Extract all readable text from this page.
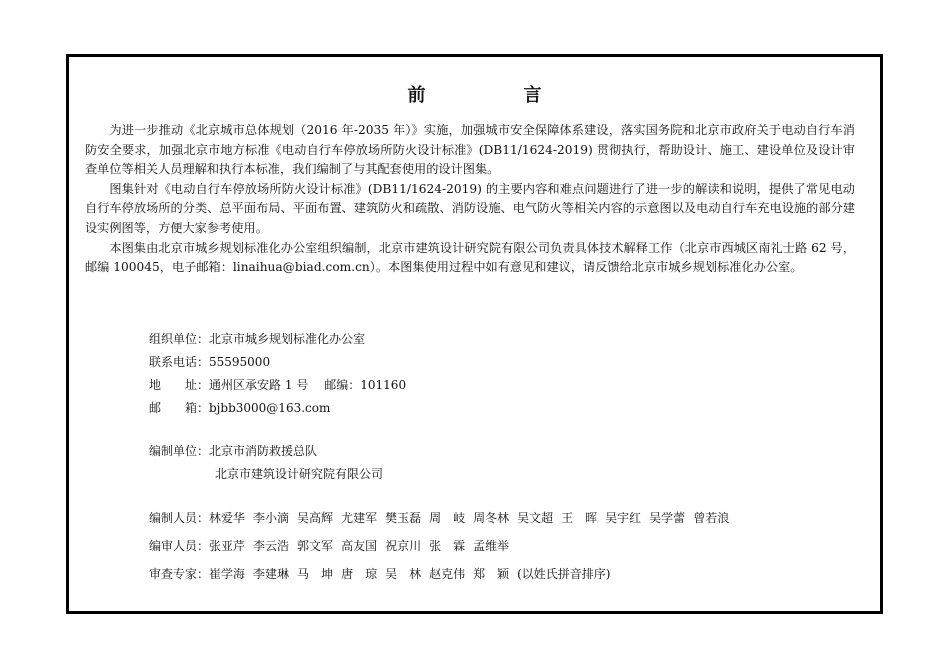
前　言

为进一步推动《北京城市总体规划（2016 年-2035 年）》实施，加强城市安全保障体系建设，落实国务院和北京市政府关于电动自行车消防安全要求，加强北京市地方标准《电动自行车停放场所防火设计标准》(DB11/1624-2019) 贯彻执行，帮助设计、施工、建设单位及设计审查单位等相关人员理解和执行本标准，我们编制了与其配套使用的设计图集。

图集针对《电动自行车停放场所防火设计标准》(DB11/1624-2019) 的主要内容和难点问题进行了进一步的解读和说明，提供了常见电动自行车停放场所的分类、总平面布局、平面布置、建筑防火和疏散、消防设施、电气防火等相关内容的示意图以及电动自行车充电设施的部分建设实例图等，方便大家参考使用。

本图集由北京市城乡规划标准化办公室组织编制，北京市建筑设计研究院有限公司负责具体技术解释工作（北京市西城区南礼士路 62 号，邮编 100045，电子邮箱：linaihua@biad.com.cn）。本图集使用过程中如有意见和建议，请反馈给北京市城乡规划标准化办公室。

组织单位：北京市城乡规划标准化办公室
联系电话：55595000
地　　址：通州区承安路 1 号 邮编：101160
邮　　箱：bjbb3000@163.com
编制单位：北京市消防救援总队
北京市建筑设计研究院有限公司
编制人员：林爱华 李小滴 吴高辉 尤建军 樊玉磊 周　岐 周冬林 吴文超 王　晖 吴宇红 吴学蕾 曾若浪
编审人员：张亚芹 李云浩 郭文军 高友国 祝京川 张　霖 孟维举
审查专家：崔学海 李建琳 马　坤 唐　琼 吴　林 赵克伟 郑　颖 (以姓氏拼音排序)
